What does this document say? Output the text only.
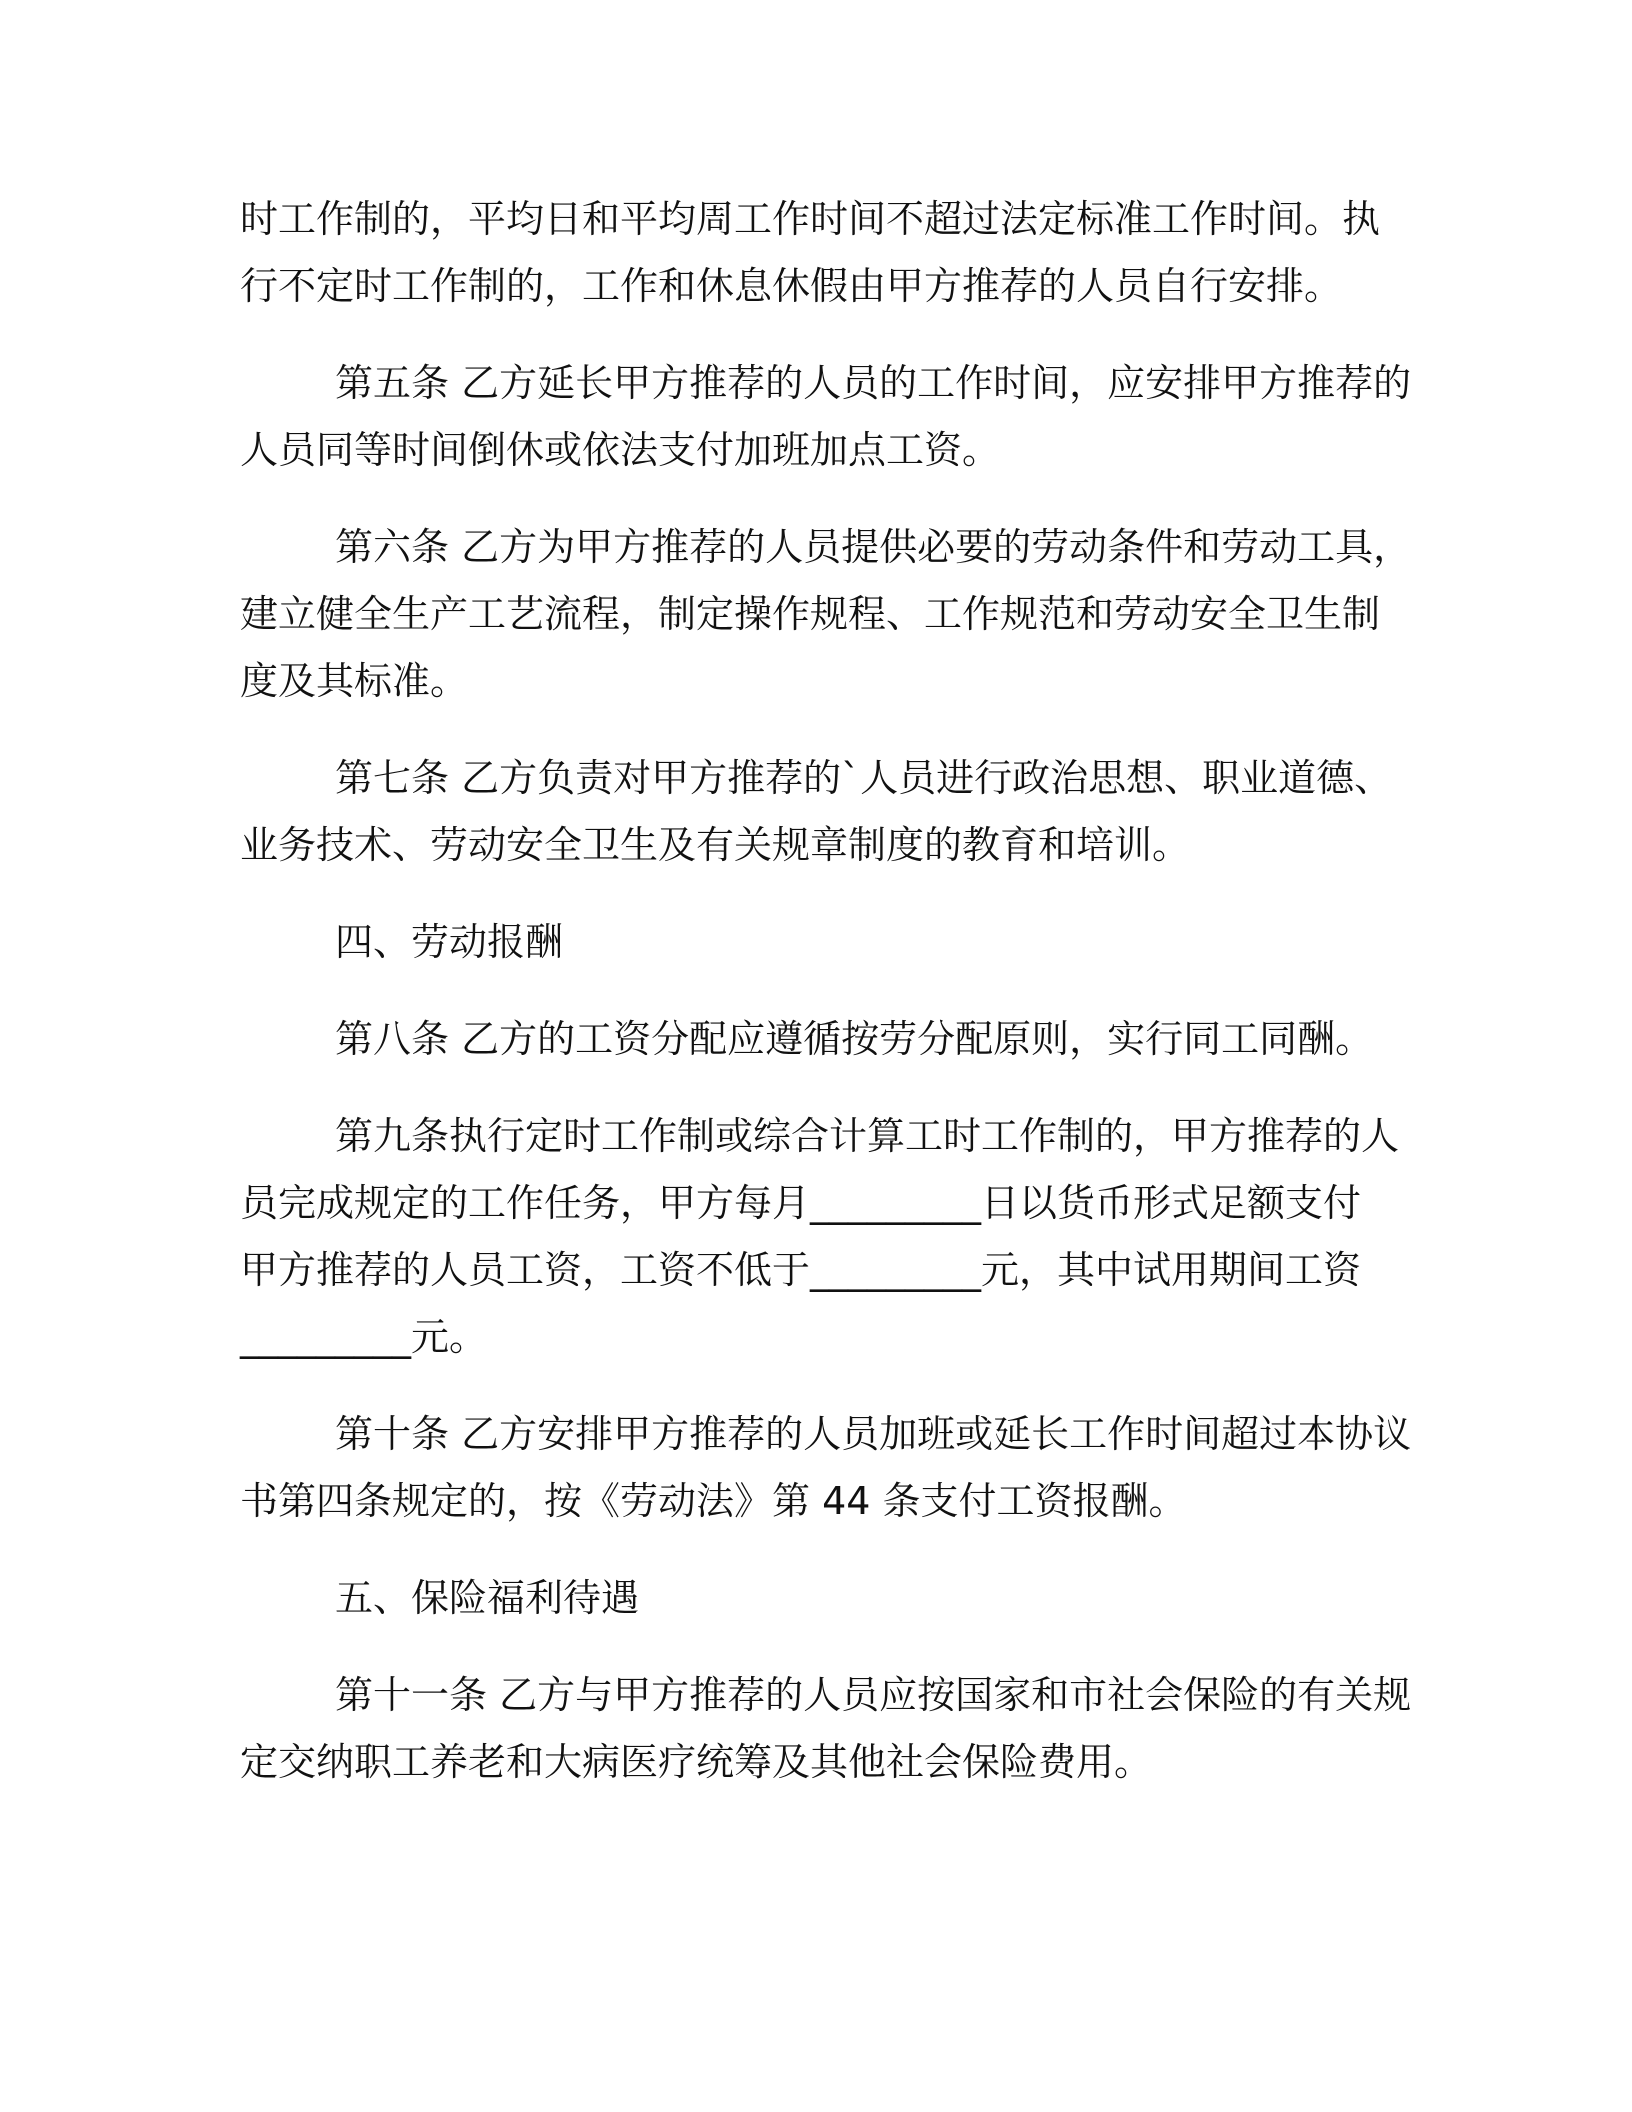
时工作制的，平均日和平均周工作时间不超过法定标准工作时间。执
行不定时工作制的，工作和休息休假由甲方推荐的人员自行安排。
第五条 乙方延长甲方推荐的人员的工作时间，应安排甲方推荐的
人员同等时间倒休或依法支付加班加点工资。
第六条 乙方为甲方推荐的人员提供必要的劳动条件和劳动工具，
建立健全生产工艺流程，制定操作规程、工作规范和劳动安全卫生制
度及其标准。
第七条 乙方负责对甲方推荐的`人员进行政治思想、职业道德、
业务技术、劳动安全卫生及有关规章制度的教育和培训。
四、劳动报酬
第八条 乙方的工资分配应遵循按劳分配原则，实行同工同酬。
第九条执行定时工作制或综合计算工时工作制的，甲方推荐的人
员完成规定的工作任务，甲方每月_________日以货币形式足额支付
甲方推荐的人员工资，工资不低于_________元，其中试用期间工资
_________元。
第十条 乙方安排甲方推荐的人员加班或延长工作时间超过本协议
书第四条规定的，按《劳动法》第 44 条支付工资报酬。
五、保险福利待遇
第十一条 乙方与甲方推荐的人员应按国家和市社会保险的有关规
定交纳职工养老和大病医疗统筹及其他社会保险费用。
